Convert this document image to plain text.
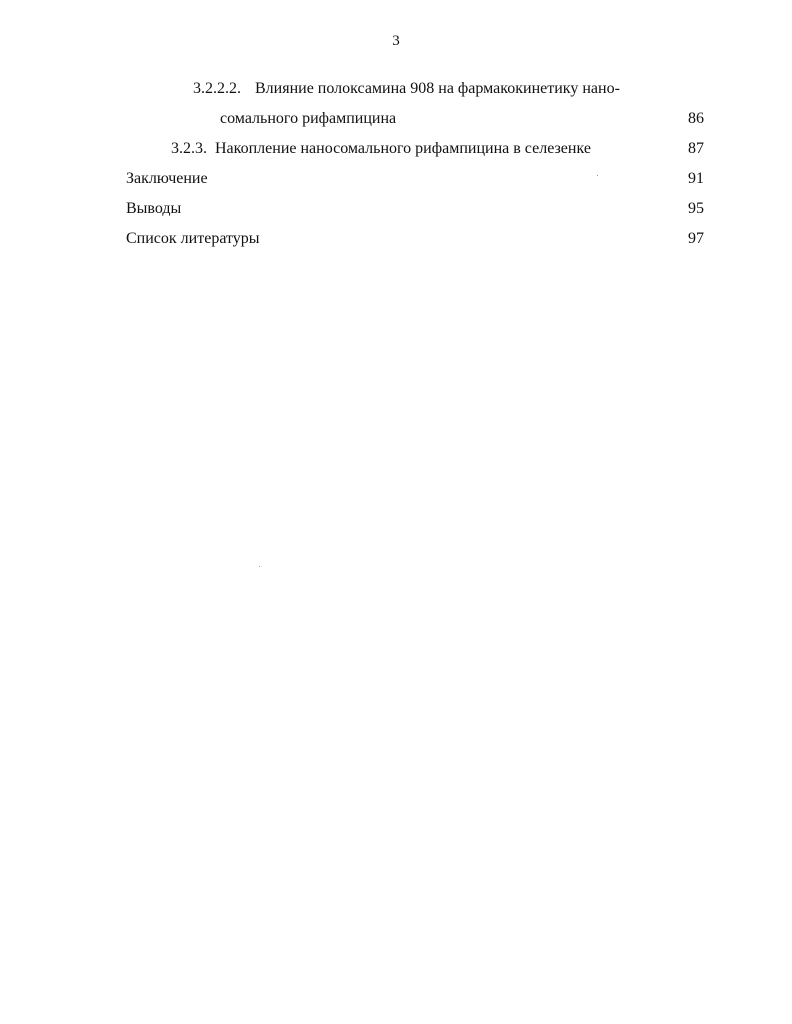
3
3.2.2.2. Влияние полоксамина 908 на фармакокинетику нано-
сомального рифампицина	86
3.2.3. Накопление наносомального рифампицина в селезенке	87
Заключение	91
Выводы	95
Список литературы	97
